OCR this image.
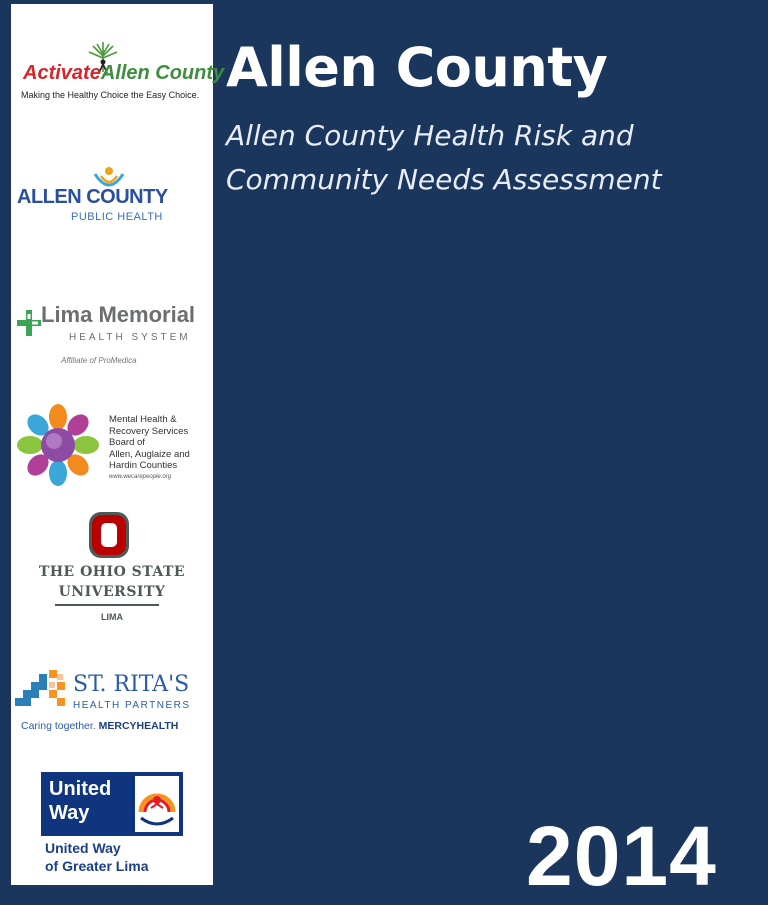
ActivateAllen County
Making the Healthy Choice the Easy Choice.
ALLEN COUNTY
PUBLIC HEALTH
Lima Memorial
HEALTH SYSTEM
Affiliate of ProMedica
Mental Health &
Recovery Services
Board of
Allen, Auglaize and
Hardin Counties
www.wecarepeople.org
THE OHIO STATE
UNIVERSITY
LIMA
ST. RITA'S
HEALTH PARTNERS
Caring together. MERCYHEALTH
United
Way
United Way
of Greater Lima
Allen County
Allen County Health Risk and
Community Needs Assessment
2014
